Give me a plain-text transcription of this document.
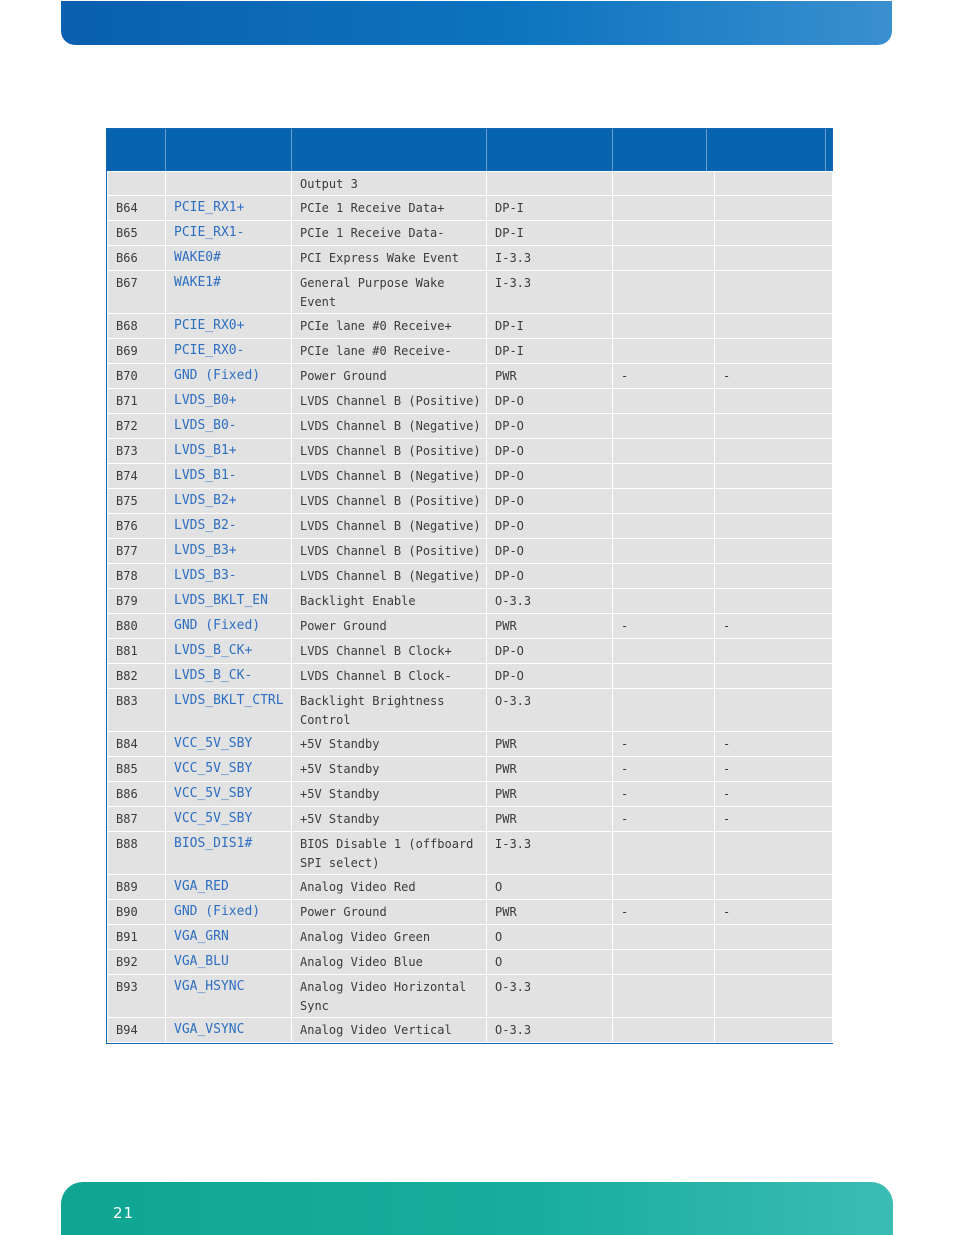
		Output 3			
B64	PCIE_RX1+	PCIe 1 Receive Data+	DP-I		
B65	PCIE_RX1-	PCIe 1 Receive Data-	DP-I		
B66	WAKE0#	PCI Express Wake Event	I-3.3		
B67	WAKE1#	General Purpose Wake Event	I-3.3		
B68	PCIE_RX0+	PCIe lane #0 Receive+	DP-I		
B69	PCIE_RX0-	PCIe lane #0 Receive-	DP-I		
B70	GND (Fixed)	Power Ground	PWR	-	-
B71	LVDS_B0+	LVDS Channel B (Positive)	DP-O		
B72	LVDS_B0-	LVDS Channel B (Negative)	DP-O		
B73	LVDS_B1+	LVDS Channel B (Positive)	DP-O		
B74	LVDS_B1-	LVDS Channel B (Negative)	DP-O		
B75	LVDS_B2+	LVDS Channel B (Positive)	DP-O		
B76	LVDS_B2-	LVDS Channel B (Negative)	DP-O		
B77	LVDS_B3+	LVDS Channel B (Positive)	DP-O		
B78	LVDS_B3-	LVDS Channel B (Negative)	DP-O		
B79	LVDS_BKLT_EN	Backlight Enable	O-3.3		
B80	GND (Fixed)	Power Ground	PWR	-	-
B81	LVDS_B_CK+	LVDS Channel B Clock+	DP-O		
B82	LVDS_B_CK-	LVDS Channel B Clock-	DP-O		
B83	LVDS_BKLT_CTRL	Backlight Brightness Control	O-3.3		
B84	VCC_5V_SBY	+5V Standby	PWR	-	-
B85	VCC_5V_SBY	+5V Standby	PWR	-	-
B86	VCC_5V_SBY	+5V Standby	PWR	-	-
B87	VCC_5V_SBY	+5V Standby	PWR	-	-
B88	BIOS_DIS1#	BIOS Disable 1 (offboard SPI select)	I-3.3		
B89	VGA_RED	Analog Video Red	O		
B90	GND (Fixed)	Power Ground	PWR	-	-
B91	VGA_GRN	Analog Video Green	O		
B92	VGA_BLU	Analog Video Blue	O		
B93	VGA_HSYNC	Analog Video Horizontal Sync	O-3.3		
B94	VGA_VSYNC	Analog Video Vertical	O-3.3		
21
